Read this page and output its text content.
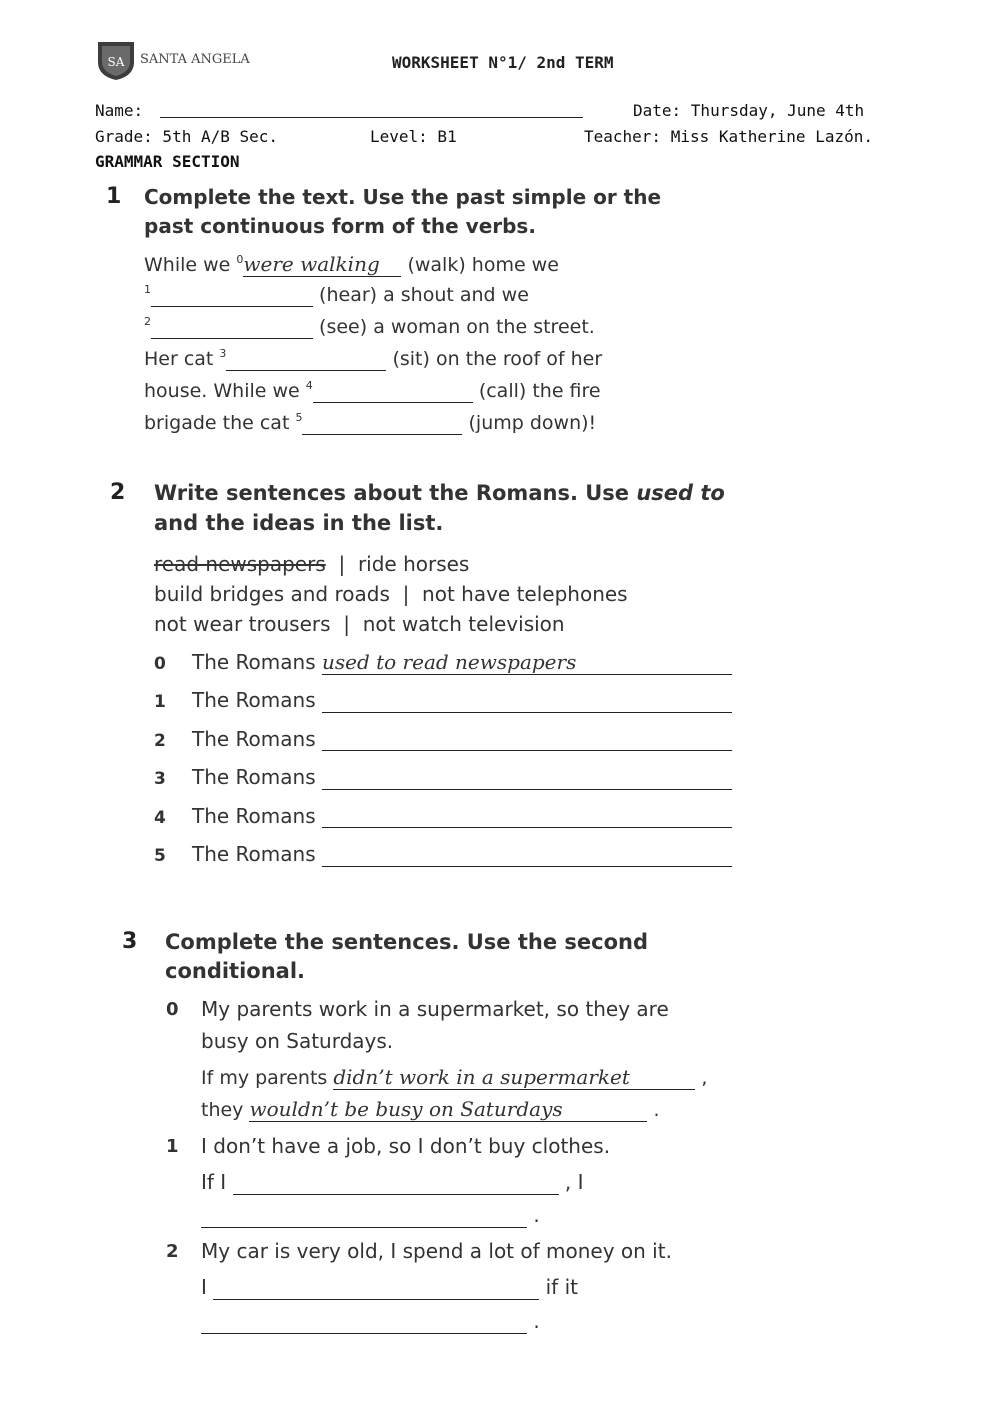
SA SANTA ANGELA	WORKSHEET N°1/ 2nd TERM
Name:	Date: Thursday, June 4th
Grade: 5th A/B Sec.	Level: B1	Teacher: Miss Katherine Lazón.
GRAMMAR SECTION
1 Complete the text. Use the past simple or the
past continuous form of the verbs.
While we $^0$were walking (walk) home we
$^1$	(hear) a shout and we
$^2$	(see) a woman on the street.
Her cat $^3$	(sit) on the roof of her
house. While we $^4$	(call) the fire
brigade the cat $^5$	(jump down)!
2 Write sentences about the Romans. Use used to
and the ideas in the list.
read newspapers | ride horses
build bridges and roads | not have telephones
not wear trousers | not watch television
0 The Romans used to read newspapers
1 The Romans
2 The Romans
3 The Romans
4 The Romans
5 The Romans
3 Complete the sentences. Use the second
conditional.
0 My parents work in a supermarket, so they are
busy on Saturdays.
If my parents didn’t work in a supermarket	,
they wouldn’t be busy on Saturdays	.
1 I don’t have a job, so I don’t buy clothes.
If I	, I
.
2 My car is very old, I spend a lot of money on it.
I	if it
.
